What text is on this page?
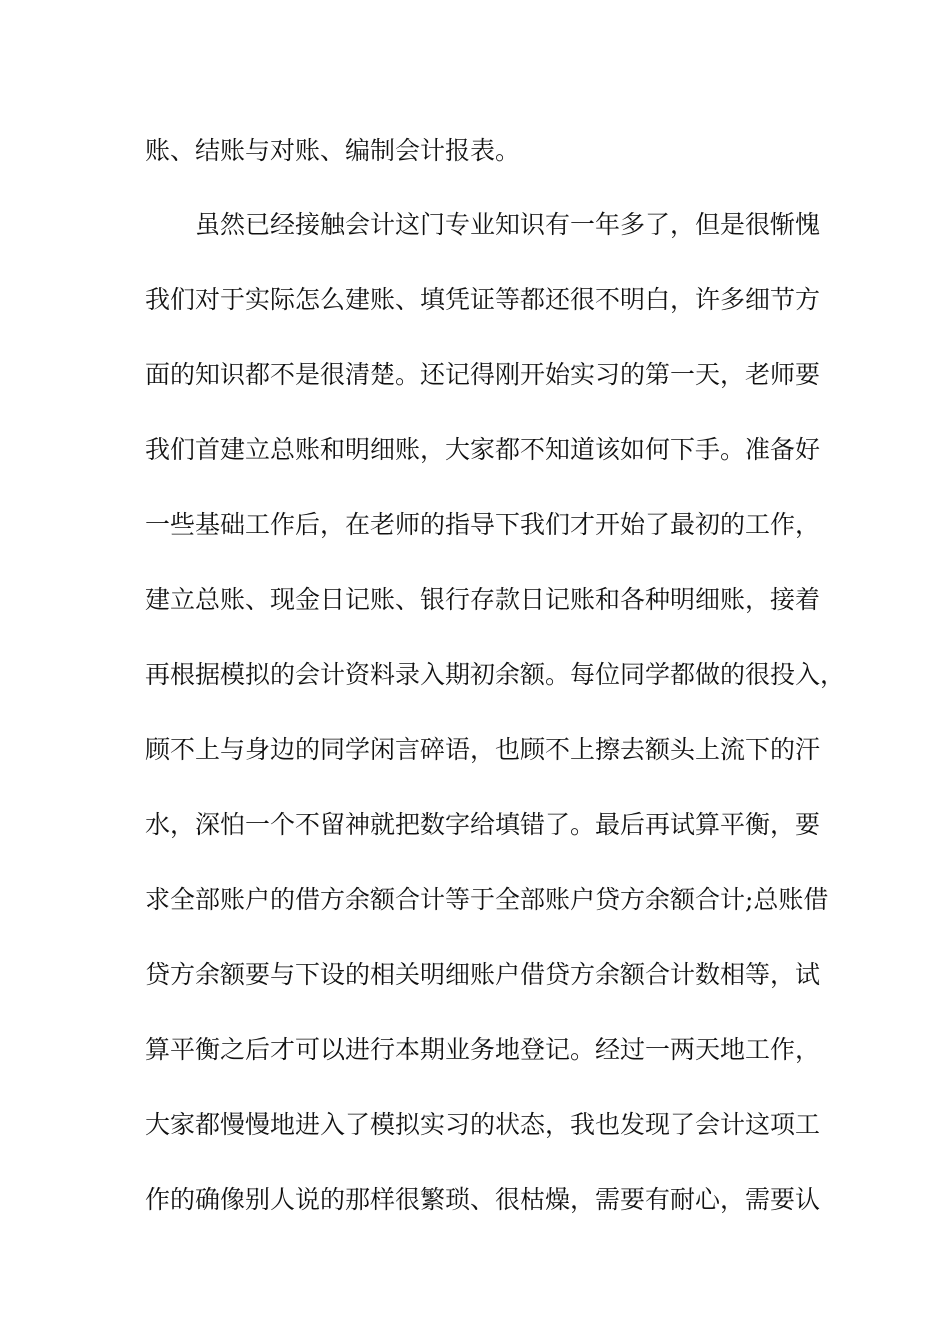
账、结账与对账、编制会计报表。
虽然已经接触会计这门专业知识有一年多了，但是很惭愧
我们对于实际怎么建账、填凭证等都还很不明白，许多细节方
面的知识都不是很清楚。还记得刚开始实习的第一天，老师要
我们首建立总账和明细账，大家都不知道该如何下手。准备好
一些基础工作后，在老师的指导下我们才开始了最初的工作，
建立总账、现金日记账、银行存款日记账和各种明细账，接着
再根据模拟的会计资料录入期初余额。每位同学都做的很投入，
顾不上与身边的同学闲言碎语，也顾不上擦去额头上流下的汗
水，深怕一个不留神就把数字给填错了。最后再试算平衡，要
求全部账户的借方余额合计等于全部账户贷方余额合计;总账借
贷方余额要与下设的相关明细账户借贷方余额合计数相等，试
算平衡之后才可以进行本期业务地登记。经过一两天地工作，
大家都慢慢地进入了模拟实习的状态，我也发现了会计这项工
作的确像别人说的那样很繁琐、很枯燥，需要有耐心，需要认
